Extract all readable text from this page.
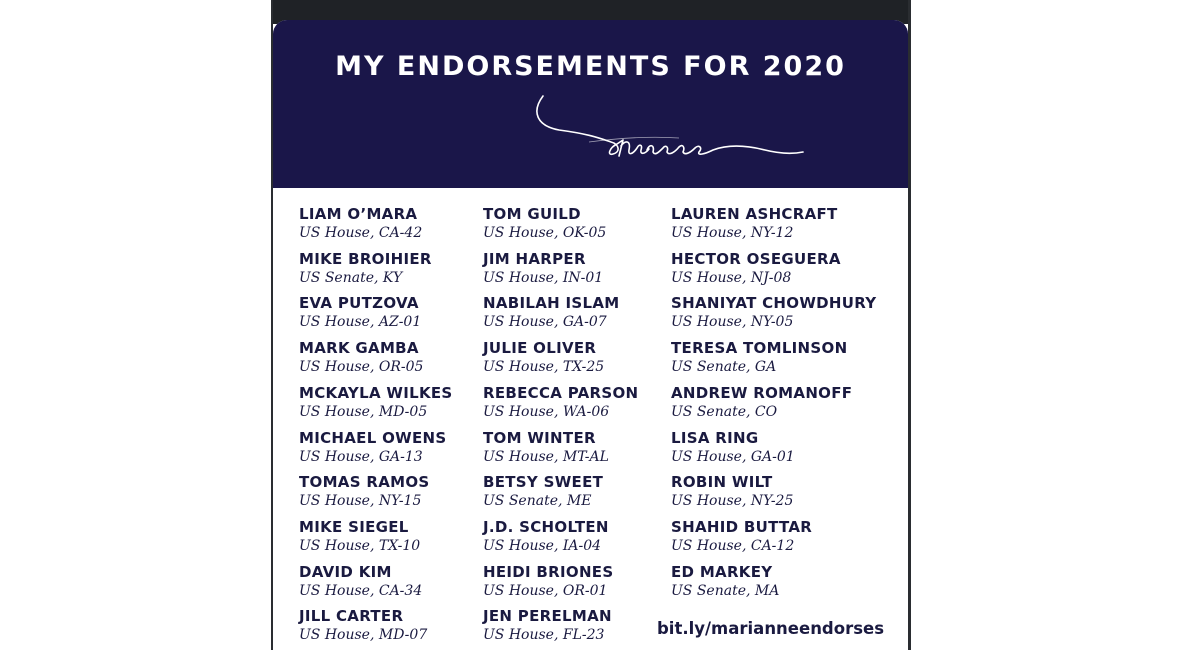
MY ENDORSEMENTS FOR 2020
LIAM O’MARA
US House, CA-42
MIKE BROIHIER
US Senate, KY
EVA PUTZOVA
US House, AZ-01
MARK GAMBA
US House, OR-05
MCKAYLA WILKES
US House, MD-05
MICHAEL OWENS
US House, GA-13
TOMAS RAMOS
US House, NY-15
MIKE SIEGEL
US House, TX-10
DAVID KIM
US House, CA-34
JILL CARTER
US House, MD-07
TOM GUILD
US House, OK-05
JIM HARPER
US House, IN-01
NABILAH ISLAM
US House, GA-07
JULIE OLIVER
US House, TX-25
REBECCA PARSON
US House, WA-06
TOM WINTER
US House, MT-AL
BETSY SWEET
US Senate, ME
J.D. SCHOLTEN
US House, IA-04
HEIDI BRIONES
US House, OR-01
JEN PERELMAN
US House, FL-23
LAUREN ASHCRAFT
US House, NY-12
HECTOR OSEGUERA
US House, NJ-08
SHANIYAT CHOWDHURY
US House, NY-05
TERESA TOMLINSON
US Senate, GA
ANDREW ROMANOFF
US Senate, CO
LISA RING
US House, GA-01
ROBIN WILT
US House, NY-25
SHAHID BUTTAR
US House, CA-12
ED MARKEY
US Senate, MA
bit.ly/marianneendorses
